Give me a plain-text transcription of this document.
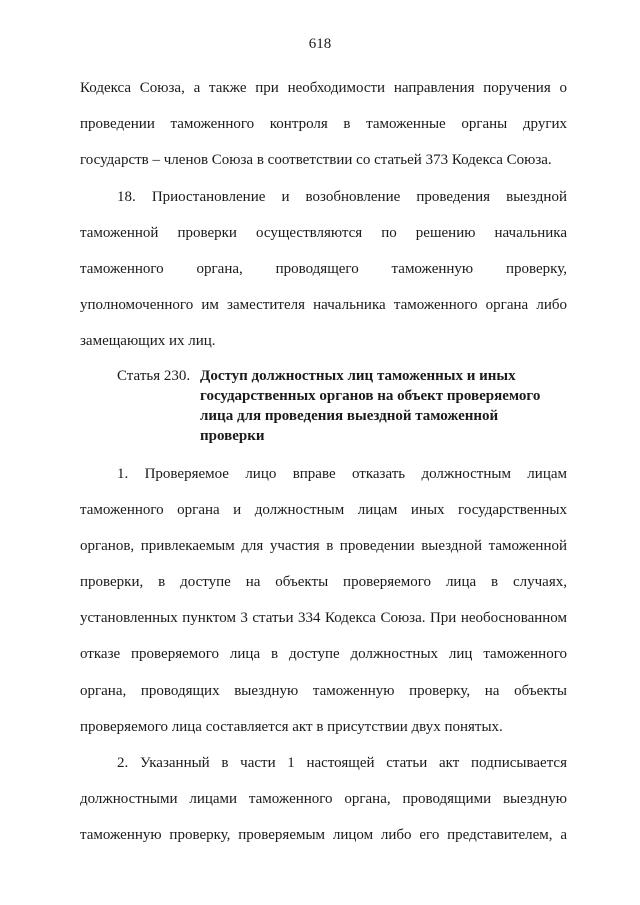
618
Кодекса Союза, а также при необходимости направления поручения о
проведении таможенного контроля в таможенные органы других
государств – членов Союза в соответствии со статьей 373 Кодекса Союза.
18. Приостановление и возобновление проведения выездной
таможенной проверки осуществляются по решению начальника
таможенного органа, проводящего таможенную проверку,
уполномоченного им заместителя начальника таможенного органа либо
замещающих их лиц.
Статья 230. Доступ должностных лиц таможенных и иных
государственных органов на объект проверяемого
лица для проведения выездной таможенной
проверки
1. Проверяемое лицо вправе отказать должностным лицам
таможенного органа и должностным лицам иных государственных
органов, привлекаемым для участия в проведении выездной таможенной
проверки, в доступе на объекты проверяемого лица в случаях,
установленных пунктом 3 статьи 334 Кодекса Союза. При необоснованном
отказе проверяемого лица в доступе должностных лиц таможенного
органа, проводящих выездную таможенную проверку, на объекты
проверяемого лица составляется акт в присутствии двух понятых.
2. Указанный в части 1 настоящей статьи акт подписывается
должностными лицами таможенного органа, проводящими выездную
таможенную проверку, проверяемым лицом либо его представителем, а
